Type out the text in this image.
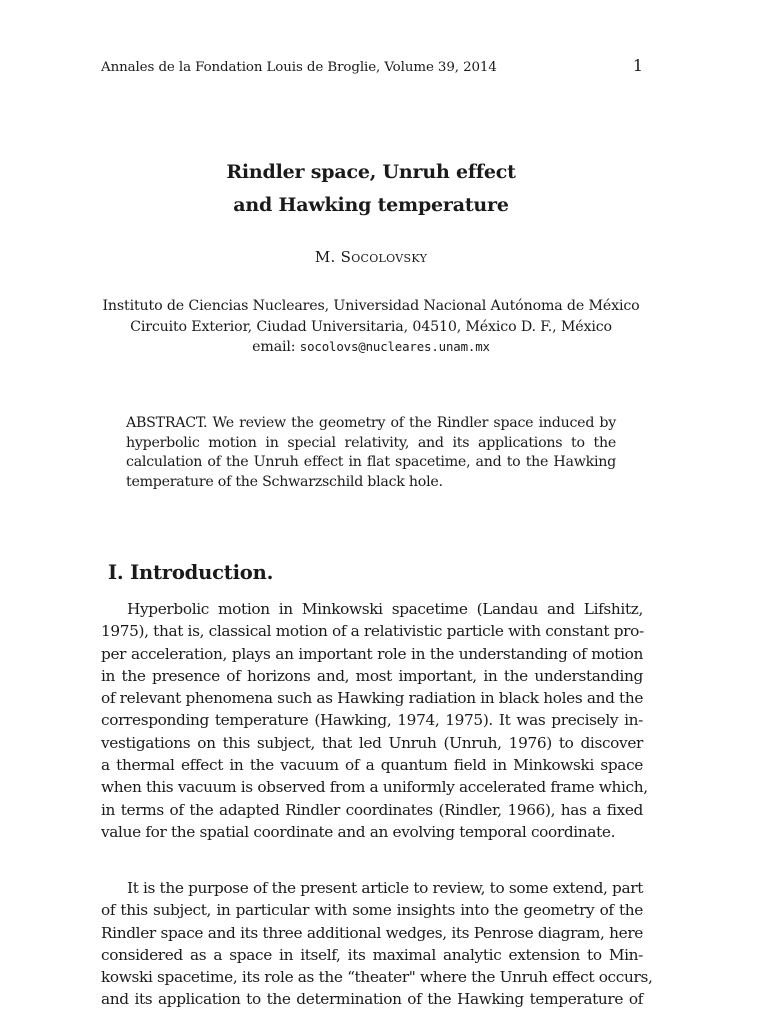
Annales de la Fondation Louis de Broglie, Volume 39, 2014	1
Rindler space, Unruh effect
and Hawking temperature
M. Socolovsky
Instituto de Ciencias Nucleares, Universidad Nacional Autónoma de México
Circuito Exterior, Ciudad Universitaria, 04510, México D. F., México
email: socolovs@nucleares.unam.mx
ABSTRACT. We review the geometry of the Rindler space induced by hyperbolic motion in special relativity, and its applications to the calculation of the Unruh effect in flat spacetime, and to the Hawking temperature of the Schwarzschild black hole.
I. Introduction.
Hyperbolic motion in Minkowski spacetime (Landau and Lifshitz,
1975), that is, classical motion of a relativistic particle with constant pro-
per acceleration, plays an important role in the understanding of motion
in the presence of horizons and, most important, in the understanding
of relevant phenomena such as Hawking radiation in black holes and the
corresponding temperature (Hawking, 1974, 1975). It was precisely in-
vestigations on this subject, that led Unruh (Unruh, 1976) to discover
a thermal effect in the vacuum of a quantum field in Minkowski space
when this vacuum is observed from a uniformly accelerated frame which,
in terms of the adapted Rindler coordinates (Rindler, 1966), has a fixed
value for the spatial coordinate and an evolving temporal coordinate.
It is the purpose of the present article to review, to some extend, part
of this subject, in particular with some insights into the geometry of the
Rindler space and its three additional wedges, its Penrose diagram, here
considered as a space in itself, its maximal analytic extension to Min-
kowski spacetime, its role as the “theater" where the Unruh effect occurs,
and its application to the determination of the Hawking temperature of
